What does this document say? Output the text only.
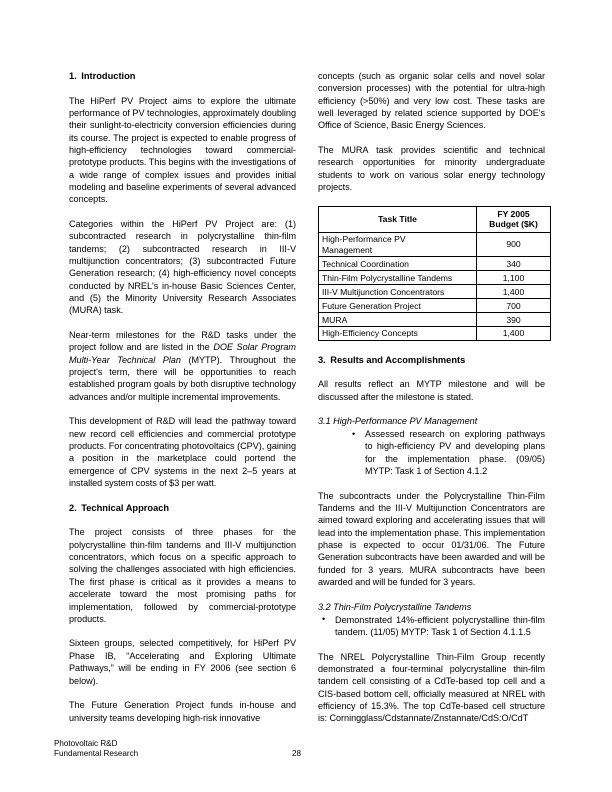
1. Introduction

The HiPerf PV Project aims to explore the ultimate performance of PV technologies, approximately doubling their sunlight-to-electricity conversion efficiencies during its course. The project is expected to enable progress of high-efficiency technologies toward commercial-prototype products. This begins with the investigations of a wide range of complex issues and provides initial modeling and baseline experiments of several advanced concepts.

Categories within the HiPerf PV Project are: (1) subcontracted research in polycrystalline thin-film tandems; (2) subcontracted research in III-V multijunction concentrators; (3) subcontracted Future Generation research; (4) high-efficiency novel concepts conducted by NREL's in-house Basic Sciences Center, and (5) the Minority University Research Associates (MURA) task.

Near-term milestones for the R&D tasks under the project follow and are listed in the DOE Solar Program Multi-Year Technical Plan (MYTP). Throughout the project's term, there will be opportunities to reach established program goals by both disruptive technology advances and/or multiple incremental improvements.

This development of R&D will lead the pathway toward new record cell efficiencies and commercial prototype products. For concentrating photovoltaics (CPV), gaining a position in the marketplace could portend the emergence of CPV systems in the next 2–5 years at installed system costs of $3 per watt.

2. Technical Approach

The project consists of three phases for the polycrystalline thin-film tandems and III-V multijunction concentrators, which focus on a specific approach to solving the challenges associated with high efficiencies. The first phase is critical as it provides a means to accelerate toward the most promising paths for implementation, followed by commercial-prototype products.

Sixteen groups, selected competitively, for HiPerf PV Phase IB, “Accelerating and Exploring Ultimate Pathways,” will be ending in FY 2006 (see section 6 below).

The Future Generation Project funds in-house and university teams developing high-risk innovative

concepts (such as organic solar cells and novel solar conversion processes) with the potential for ultra-high efficiency (>50%) and very low cost. These tasks are well leveraged by related science supported by DOE's Office of Science, Basic Energy Sciences.

The MURA task provides scientific and technical research opportunities for minority undergraduate students to work on various solar energy technology projects.

Task Title	FY 2005
Budget ($K)
High-Performance PV
Management	900
Technical Coordination	340
Thin-Film Polycrystalline Tandems	1,100
III-V Multijunction Concentrators	1,400
Future Generation Project	700
MURA	390
High-Efficiency Concepts	1,400
3. Results and Accomplishments

All results reflect an MYTP milestone and will be discussed after the milestone is stated.

3.1 High-Performance PV Management
• Assessed research on exploring pathways to high-efficiency PV and developing plans for the implementation phase. (09/05) MYTP: Task 1 of Section 4.1.2

The subcontracts under the Polycrystalline Thin-Film Tandems and the III-V Multijunction Concentrators are aimed toward exploring and accelerating issues that will lead into the implementation phase. This implementation phase is expected to occur 01/31/06. The Future Generation subcontracts have been awarded and will be funded for 3 years. MURA subcontracts have been awarded and will be funded for 3 years.

3.2 Thin-Film Polycrystalline Tandems
• Demonstrated 14%-efficient polycrystalline thin-film tandem. (11/05) MYTP: Task 1 of Section 4.1.1.5

The NREL Polycrystalline Thin-Film Group recently demonstrated a four-terminal polycrystalline thin-film tandem cell consisting of a CdTe-based top cell and a CIS-based bottom cell, officially measured at NREL with efficiency of 15.3%. The top CdTe-based cell structure is: Corningglass/Cdstannate/Znstannate/CdS:O/CdT

Photovoltaic R&D
Fundamental Research	28
